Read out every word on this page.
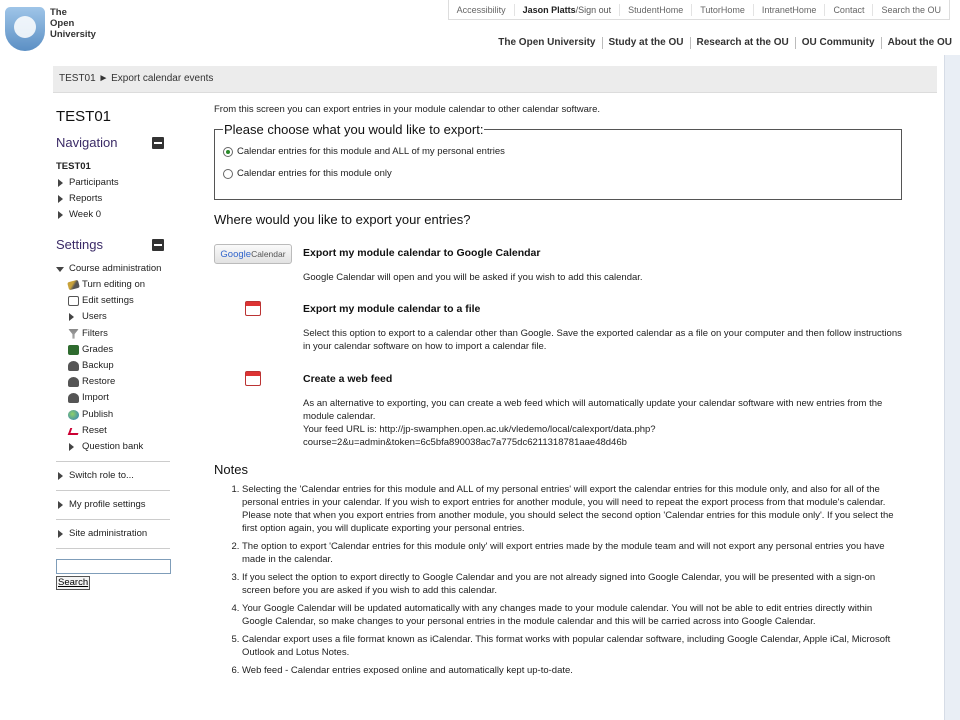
The
Open
University
Accessibility	Jason Platts/Sign out	StudentHome	TutorHome	IntranetHome	Contact	Search the OU
The Open University	Study at the OU	Research at the OU	OU Community	About the OU
TEST01 ► Export calendar events
TEST01
Navigation
TEST01
Participants
Reports
Week 0
Settings
Course administration
Turn editing on
Edit settings
Users
Filters
Grades
Backup
Restore
Import
Publish
Reset
Question bank
Switch role to...
My profile settings
Site administration
Search

From this screen you can export entries in your module calendar to other calendar software.

Please choose what you would like to export:
Calendar entries for this module and ALL of my personal entries
Calendar entries for this module only
Where would you like to export your entries?
GoogleCalendar	Export my module calendar to Google Calendar
Google Calendar will open and you will be asked if you wish to add this calendar.
Export my module calendar to a file
Select this option to export to a calendar other than Google. Save the exported calendar as a file on your computer and then follow instructions in your calendar software on how to import a calendar file.
Create a web feed
As an alternative to exporting, you can create a web feed which will automatically update your calendar software with new entries from the module calendar.
Your feed URL is: http://jp-swamphen.open.ac.uk/vledemo/local/calexport/data.php?
course=2&u=admin&token=6c5bfa890038ac7a775dc6211318781aae48d46b
Notes
1. Selecting the 'Calendar entries for this module and ALL of my personal entries' will export the calendar entries for this module only, and also for all of the personal entries in your calendar. If you wish to export entries for another module, you will need to repeat the export process from that module's calendar. Please note that when you export entries from another module, you should select the second option 'Calendar entries for this module only'. If you select the first option again, you will duplicate exporting your personal entries.
2. The option to export 'Calendar entries for this module only' will export entries made by the module team and will not export any personal entries you have made in the calendar.
3. If you select the option to export directly to Google Calendar and you are not already signed into Google Calendar, you will be presented with a sign-on screen before you are asked if you wish to add this calendar.
4. Your Google Calendar will be updated automatically with any changes made to your module calendar. You will not be able to edit entries directly within Google Calendar, so make changes to your personal entries in the module calendar and this will be carried across into Google Calendar.
5. Calendar export uses a file format known as iCalendar. This format works with popular calendar software, including Google Calendar, Apple iCal, Microsoft Outlook and Lotus Notes.
6. Web feed - Calendar entries exposed online and automatically kept up-to-date.
